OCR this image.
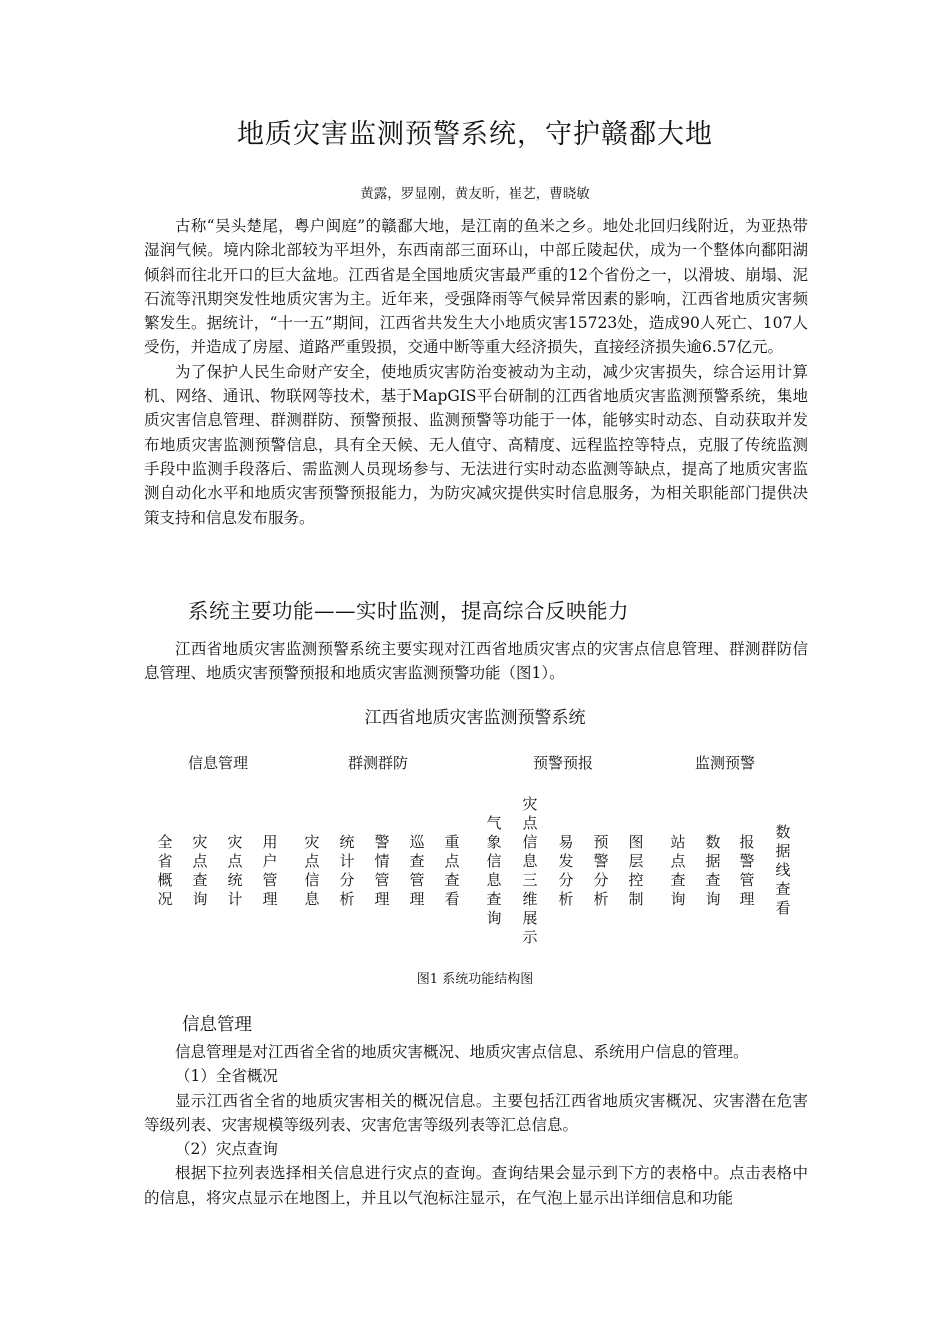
地质灾害监测预警系统，守护赣鄱大地
黄露，罗显刚，黄友昕，崔艺，曹晓敏

古称“吴头楚尾，粤户闽庭”的赣鄱大地，是江南的鱼米之乡。地处北回归线附近，为亚热带湿润气候。境内除北部较为平坦外，东西南部三面环山，中部丘陵起伏，成为一个整体向鄱阳湖倾斜而往北开口的巨大盆地。江西省是全国地质灾害最严重的12个省份之一，以滑坡、崩塌、泥石流等汛期突发性地质灾害为主。近年来，受强降雨等气候异常因素的影响，江西省地质灾害频繁发生。据统计，“十一五”期间，江西省共发生大小地质灾害15723处，造成90人死亡、107人受伤，并造成了房屋、道路严重毁损，交通中断等重大经济损失，直接经济损失逾6.57亿元。

为了保护人民生命财产安全，使地质灾害防治变被动为主动，减少灾害损失，综合运用计算机、网络、通讯、物联网等技术，基于MapGIS平台研制的江西省地质灾害监测预警系统，集地质灾害信息管理、群测群防、预警预报、监测预警等功能于一体，能够实时动态、自动获取并发布地质灾害监测预警信息，具有全天候、无人值守、高精度、远程监控等特点，克服了传统监测手段中监测手段落后、需监测人员现场参与、无法进行实时动态监测等缺点，提高了地质灾害监测自动化水平和地质灾害预警预报能力，为防灾减灾提供实时信息服务，为相关职能部门提供决策支持和信息发布服务。

系统主要功能——实时监测，提高综合反映能力

江西省地质灾害监测预警系统主要实现对江西省地质灾害点的灾害点信息管理、群测群防信息管理、地质灾害预警预报和地质灾害监测预警功能（图1）。

江西省地质灾害监测预警系统
信息管理
全省概况
灾点查询
灾点统计
用户管理
群测群防
灾点信息
统计分析
警情管理
巡查管理
重点查看
预警预报
气象信息查询
灾点信息三维展示
易发分析
预警分析
图层控制
监测预警
站点查询
数据查询
报警管理
数据线查看
图1 系统功能结构图
信息管理

信息管理是对江西省全省的地质灾害概况、地质灾害点信息、系统用户信息的管理。

（1）全省概况

显示江西省全省的地质灾害相关的概况信息。主要包括江西省地质灾害概况、灾害潜在危害等级列表、灾害规模等级列表、灾害危害等级列表等汇总信息。

（2）灾点查询

根据下拉列表选择相关信息进行灾点的查询。查询结果会显示到下方的表格中。点击表格中的信息，将灾点显示在地图上，并且以气泡标注显示，在气泡上显示出详细信息和功能
